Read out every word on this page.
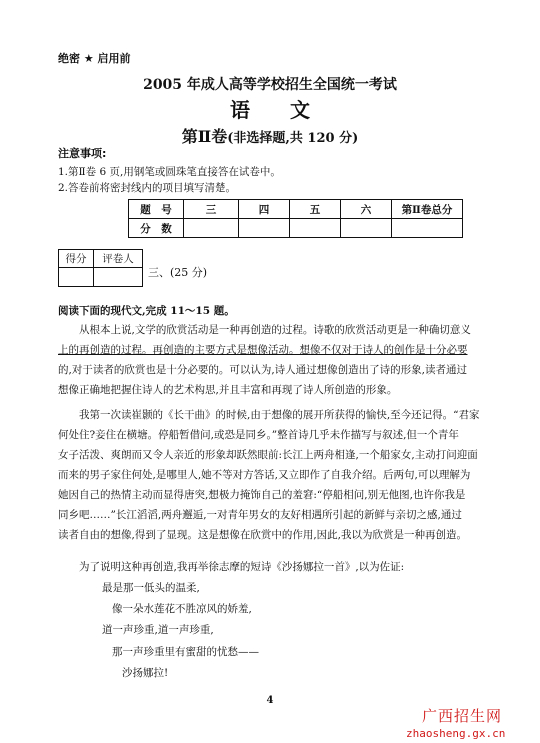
绝密 ★ 启用前
2005 年成人高等学校招生全国统一考试
语文
第Ⅱ卷(非选择题,共 120 分)
注意事项:
1.第Ⅱ卷 6 页,用钢笔或圆珠笔直接答在试卷中。
2.答卷前将密封线内的项目填写清楚。
题　号	三	四	五	六	第Ⅱ卷总分
分　数					
得分	评卷人

三、(25 分)
阅读下面的现代文,完成 11～15 题。
从根本上说,文学的欣赏活动是一种再创造的过程。诗歌的欣赏活动更是一种确切意义
上的再创造的过程。再创造的主要方式是想像活动。想像不仅对于诗人的创作是十分必要
的,对于读者的欣赏也是十分必要的。可以认为,诗人通过想像创造出了诗的形象,读者通过
想像正确地把握住诗人的艺术构思,并且丰富和再现了诗人所创造的形象。
我第一次读崔颢的《长干曲》的时候,由于想像的展开所获得的愉快,至今还记得。“君家
何处住?妾住在横塘。停船暂借问,或恐是同乡。”整首诗几乎未作描写与叙述,但一个青年
女子活泼、爽朗而又令人亲近的形象却跃然眼前:长江上两舟相逢,一个船家女,主动打问迎面
而来的男子家住何处,是哪里人,她不等对方答话,又立即作了自我介绍。后两句,可以理解为
她因自己的热情主动而显得唐突,想极力掩饰自己的羞窘:“停船相问,别无他图,也许你我是
同乡吧……”长江滔滔,两舟邂逅,一对青年男女的友好相遇所引起的新鲜与亲切之感,通过
读者自由的想像,得到了显现。这是想像在欣赏中的作用,因此,我以为欣赏是一种再创造。
为了说明这种再创造,我再举徐志摩的短诗《沙扬娜拉一首》,以为佐证:
最是那一低头的温柔,
像一朵水莲花不胜凉风的娇羞,
道一声珍重,道一声珍重,
那一声珍重里有蜜甜的忧愁——
沙扬娜拉!
4
广西招生网
zhaosheng.gx.cn
